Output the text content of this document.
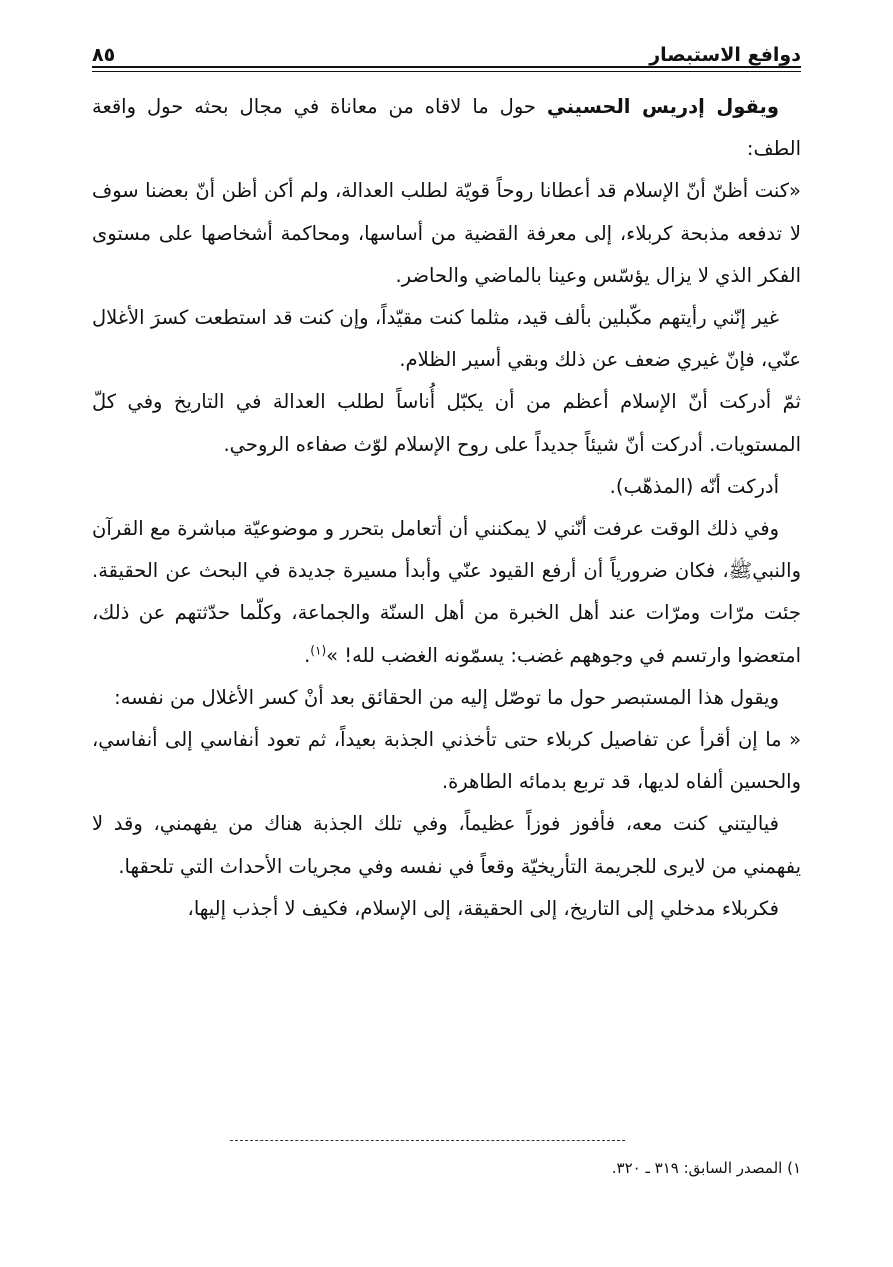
دوافع الاستبصار
٨٥

ويقول إدريس الحسيني حول ما لاقاه من معاناة في مجال بحثه حول واقعة الطف:

«كنت أظنّ أنّ الإسلام قد أعطانا روحاً قويّة لطلب العدالة، ولم أكن أظن أنّ بعضنا سوف لا تدفعه مذبحة كربلاء، إلى معرفة القضية من أساسها، ومحاكمة أشخاصها على مستوى الفكر الذي لا يزال يؤسّس وعينا بالماضي والحاضر.

غير إنّني رأيتهم مكّبلين بألف قيد، مثلما كنت مقيّداً، وإن كنت قد استطعت كسرَ الأغلال عنّي، فإنّ غيري ضعف عن ذلك وبقي أسير الظلام.

ثمّ أدركت أنّ الإسلام أعظم من أن يكبّل أُناساً لطلب العدالة في التاريخ وفي كلّ المستويات. أدركت أنّ شيئاً جديداً على روح الإسلام لوّث صفاءه الروحي.

أدركت أنّه (المذهّب).

وفي ذلك الوقت عرفت أنّني لا يمكنني أن أتعامل بتحرر و موضوعيّة مباشرة مع القرآن والنبيﷺ، فكان ضرورياً أن أرفع القيود عنّي وأبدأ مسيرة جديدة في البحث عن الحقيقة. جئت مرّات ومرّات عند أهل الخبرة من أهل السنّة والجماعة، وكلّما حدّثتهم عن ذلك، امتعضوا وارتسم في وجوههم غضب: يسمّونه الغضب لله! »$^{(١)}$.

ويقول هذا المستبصر حول ما توصّل إليه من الحقائق بعد أنْ كسر الأغلال من نفسه:

« ما إن أقرأ عن تفاصيل كربلاء حتى تأخذني الجذبة بعيداً، ثم تعود أنفاسي إلى أنفاسي، والحسين ألفاه لديها، قد تربع بدمائه الطاهرة.

فياليتني كنت معه، فأفوز فوزاً عظيماً، وفي تلك الجذبة هناك من يفهمني، وقد لا يفهمني من لايرى للجريمة التأريخيّة وقعاً في نفسه وفي مجريات الأحداث التي تلحقها.

فكربلاء مدخلي إلى التاريخ، إلى الحقيقة، إلى الإسلام، فكيف لا أجذب إليها،

١) المصدر السابق: ٣١٩ ـ ٣٢٠.
